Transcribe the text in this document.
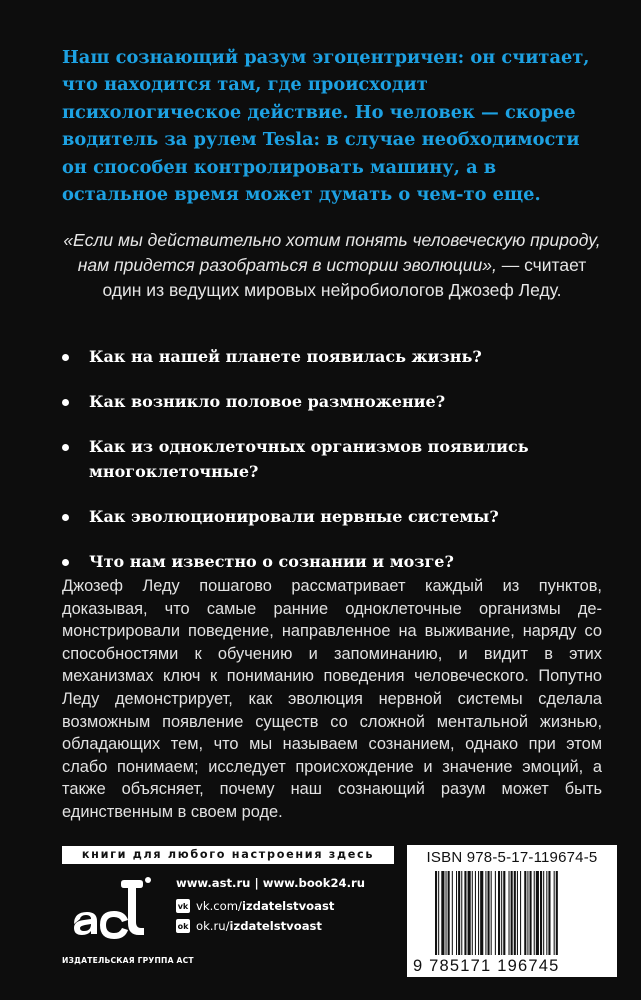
Наш сознающий разум эгоцентричен: он считает, что находится там, где происходит психологическое действие. Но человек — скорее водитель за рулем Tesla: в случае необходимости он способен контролировать машину, а в остальное время может думать о чем-то еще.
«Если мы действительно хотим понять человеческую природу, нам придется разобраться в истории эволюции», — считает один из ведущих мировых нейробиологов Джозеф Леду.
Как на нашей планете появилась жизнь?
Как возникло половое размножение?
Как из одноклеточных организмов появились многоклеточные?
Как эволюционировали нервные системы?
Что нам известно о сознании и мозге?
Джозеф Леду пошагово рассматривает каждый из пунктов, доказывая, что самые ранние одноклеточные организмы демонстрировали поведение, направленное на выживание, наряду со способностями к обучению и запоминанию, и видит в этих механизмах ключ к пониманию поведения человеческого. Попутно Леду демонстрирует, как эволюция нервной системы сделала возможным появление существ со сложной ментальной жизнью, обладающих тем, что мы называем сознанием, однако при этом слабо понимаем; исследует происхождение и значение эмоций, а также объясняет, почему наш сознающий разум может быть единственным в своем роде.
книги для любого настроения здесь
ИЗДАТЕЛЬСКАЯ ГРУППА АСТ
www.ast.ru | www.book24.ru
vk vk.com/izdatelstvoast
ok ok.ru/izdatelstvoast
ISBN 978-5-17-119674-5
9 785171 196745
